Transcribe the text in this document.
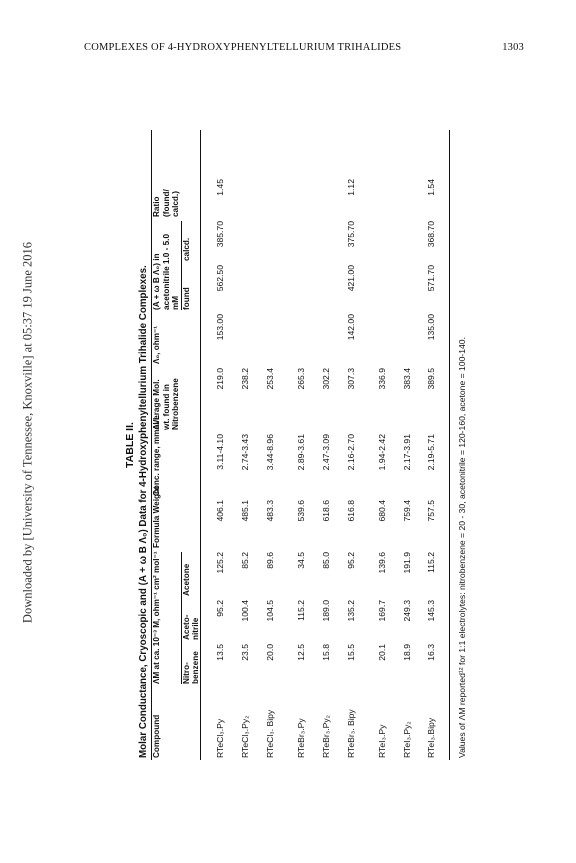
COMPLEXES OF 4-HYDROXYPHENYLTELLURIUM TRIHALIDES	1303
Downloaded by [University of Tennessee, Knoxville] at 05:37 19 June 2016	TABLE II. Molar Conductance, Cryoscopic and (A + ω B Λ₀) Data for 4-Hydroxyphenyltellurium Trihalide Complexes. Compound
ΛM at ca. 10⁻³ M, ohm⁻¹ cm² mol⁻¹
Formula Weight
Conc. range, mmol/L
Average Mol. wt. found in Nitrobenzene
Λ₀, ohm⁻¹
(A + ω B Λ₀) in acetonitrile 1.0 - 5.0 mM
Ratio (found/ calcd.)
Nitro- benzene
Aceto- nitrile
Acetone
found
calcd.
RTeCl₃.Py
13.5
95.2
125.2
406.1
3.11-4.10
219.0
153.00
562.50
385.70
1.45
RTeCl₃.Py₂
23.5
100.4
85.2
485.1
2.74-3.43
238.2
RTeCl₃. Bipy
20.0
104.5
89.6
483.3
3.44-8.96
253.4
RTeBr₃.Py
12.5
115.2
34.5
539.6
2.89-3.61
265.3
RTeBr₃.Py₂
15.8
189.0
85.0
618.6
2.47-3.09
302.2
RTeBr₃. Bipy
15.5
135.2
95.2
616.8
2.16-2.70
307.3
142.00
421.00
375.70
1.12
RTeI₃.Py
20.1
169.7
139.6
680.4
1.94-2.42
336.9
RTeI₃.Py₂
18.9
249.3
191.9
759.4
2.17-3.91
383.4
RTeI₃.Bipy
16.3
145.3
115.2
757.5
2.19-5.71
389.5
135.00
571.70
368.70
1.54
Values of ΛM reported¹² for 1:1 electrolytes: nitrobenzene = 20 - 30, acetonitrile = 120-160, acetone = 100-140.
